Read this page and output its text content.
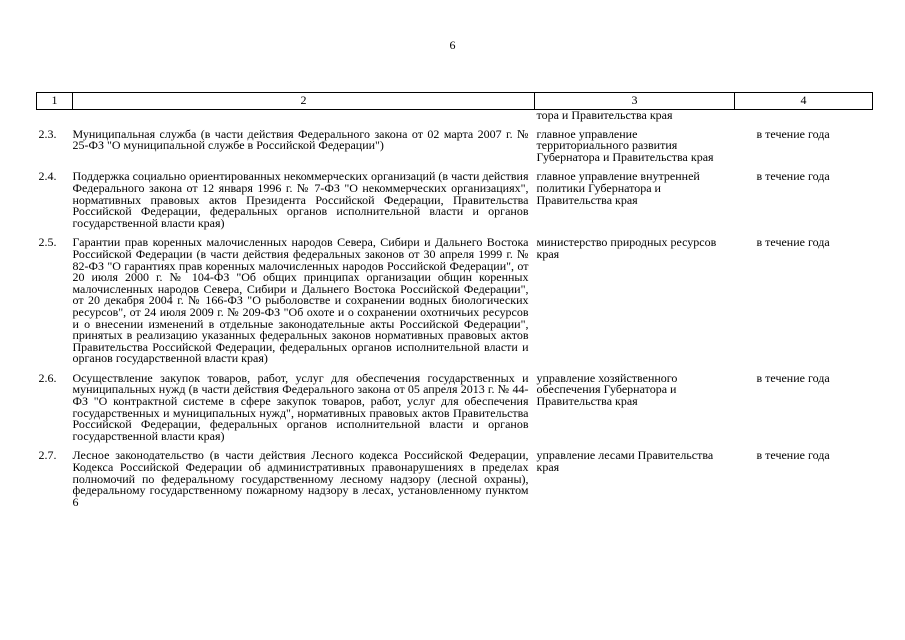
6
1	2	3	4
		тора и Правительства края	
2.3.	Муниципальная служба (в части действия Федерального закона от 02 марта 2007 г. № 25-ФЗ "О муниципальной службе в Российской Федерации")	главное управление территориального развития Губернатора и Правительства края	в течение года
2.4.	Поддержка социально ориентированных некоммерческих организаций (в части действия Федерального закона от 12 января 1996 г. № 7-ФЗ "О некоммерческих организациях", нормативных правовых актов Президента Российской Федерации, Правительства Российской Федерации, федеральных органов исполнительной власти и органов государственной власти края)	главное управление внутренней политики Губернатора и Правительства края	в течение года
2.5.	Гарантии прав коренных малочисленных народов Севера, Сибири и Дальнего Востока Российской Федерации (в части действия федеральных законов от 30 апреля 1999 г. № 82-ФЗ "О гарантиях прав коренных малочисленных народов Российской Федерации", от 20 июля 2000 г. № 104-ФЗ "Об общих принципах организации общин коренных малочисленных народов Севера, Сибири и Дальнего Востока Российской Федерации", от 20 декабря 2004 г. № 166-ФЗ "О рыболовстве и сохранении водных биологических ресурсов", от 24 июля 2009 г. № 209-ФЗ "Об охоте и о сохранении охотничьих ресурсов и о внесении изменений в отдельные законодательные акты Российской Федерации", принятых в реализацию указанных федеральных законов нормативных правовых актов Правительства Российской Федерации, федеральных органов исполнительной власти и органов государственной власти края)	министерство природных ресурсов края	в течение года
2.6.	Осуществление закупок товаров, работ, услуг для обеспечения государственных и муниципальных нужд (в части действия Федерального закона от 05 апреля 2013 г. № 44-ФЗ "О контрактной системе в сфере закупок товаров, работ, услуг для обеспечения государственных и муниципальных нужд", нормативных правовых актов Правительства Российской Федерации, федеральных органов исполнительной власти и органов государственной власти края)	управление хозяйственного обеспечения Губернатора и Правительства края	в течение года
2.7.	Лесное законодательство (в части действия Лесного кодекса Российской Федерации, Кодекса Российской Федерации об административных правонарушениях в пределах полномочий по федеральному государственному лесному надзору (лесной охраны), федеральному государственному пожарному надзору в лесах, установленному пунктом 6	управление лесами Правительства края	в течение года
